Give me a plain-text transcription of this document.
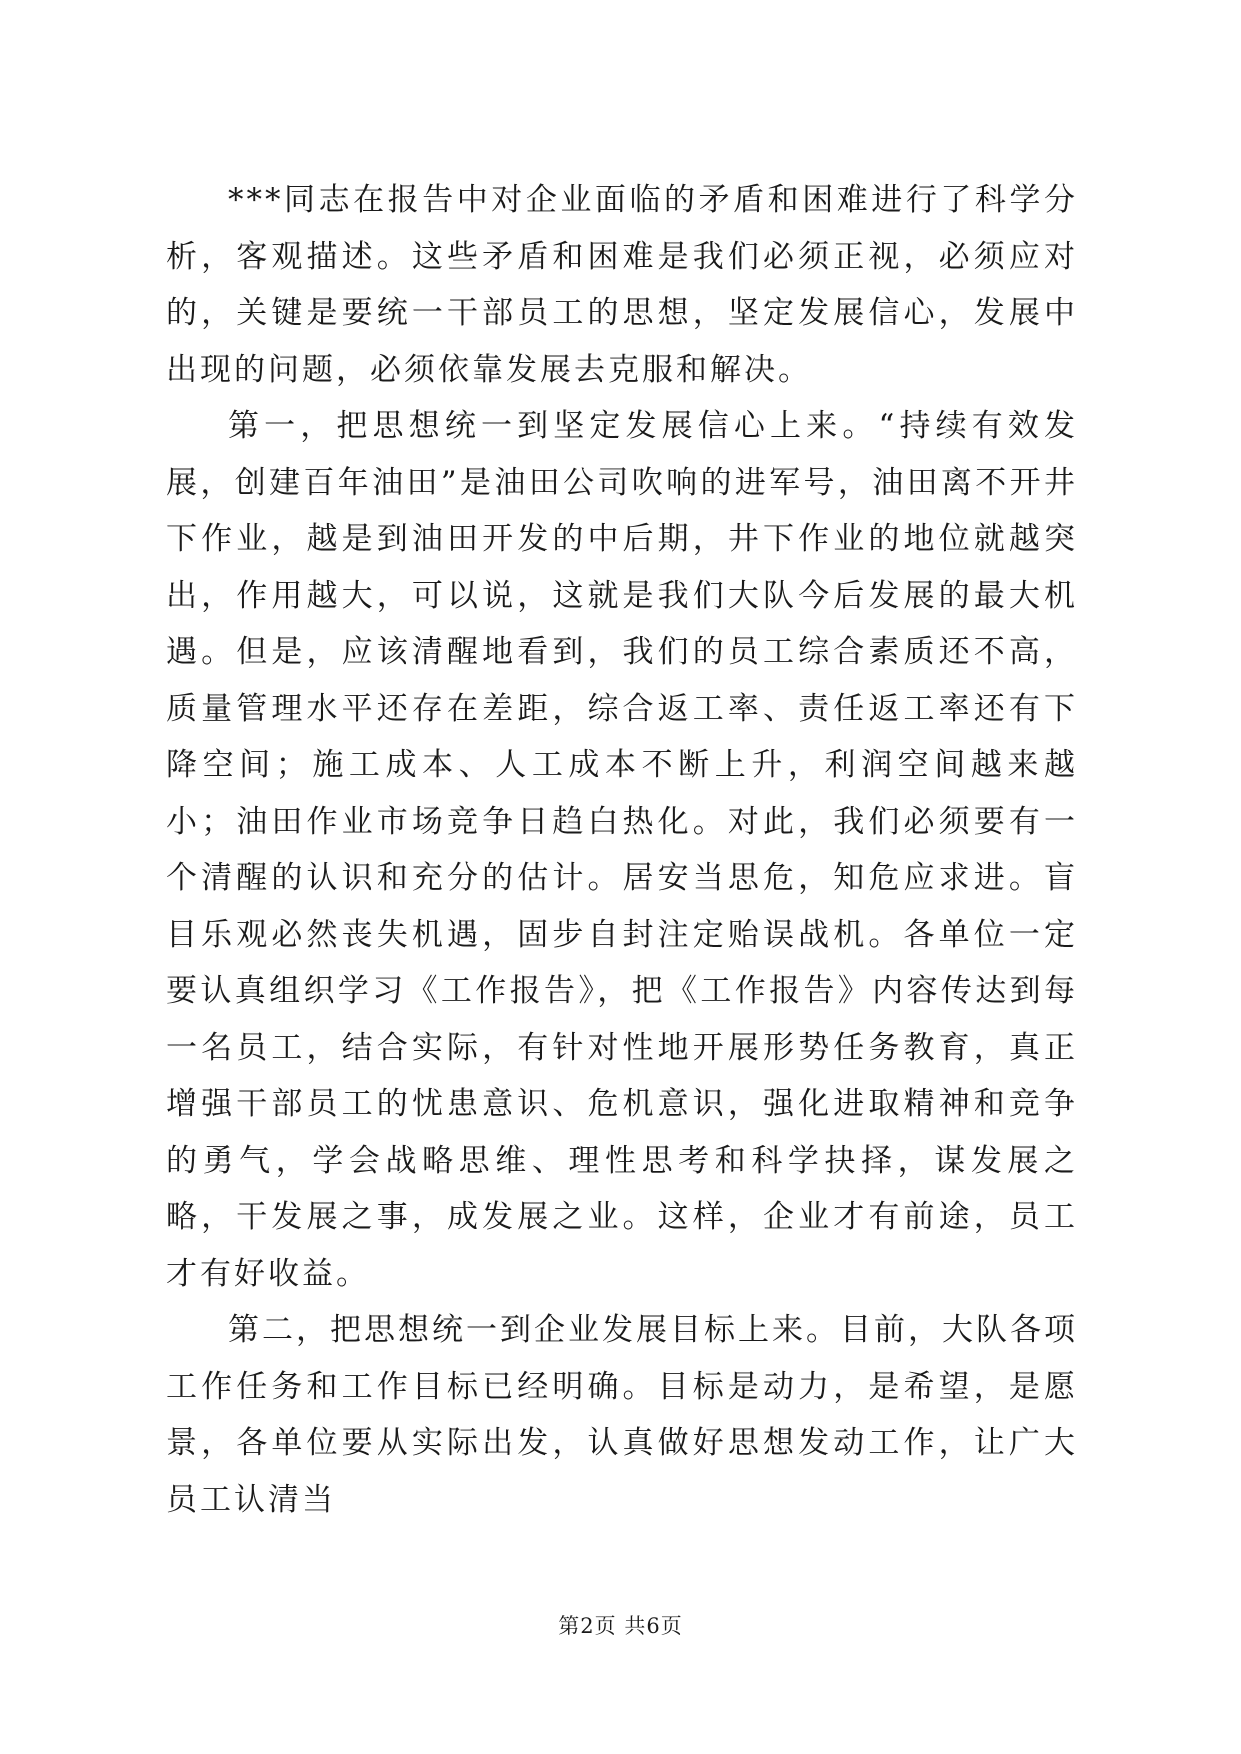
***同志在报告中对企业面临的矛盾和困难进行了科学分析，客观描述。这些矛盾和困难是我们必须正视，必须应对的，关键是要统一干部员工的思想，坚定发展信心，发展中出现的问题，必须依靠发展去克服和解决。

第一，把思想统一到坚定发展信心上来。“持续有效发展，创建百年油田”是油田公司吹响的进军号，油田离不开井下作业，越是到油田开发的中后期，井下作业的地位就越突出，作用越大，可以说，这就是我们大队今后发展的最大机遇。但是，应该清醒地看到，我们的员工综合素质还不高，质量管理水平还存在差距，综合返工率、责任返工率还有下降空间；施工成本、人工成本不断上升，利润空间越来越小；油田作业市场竞争日趋白热化。对此，我们必须要有一个清醒的认识和充分的估计。居安当思危，知危应求进。盲目乐观必然丧失机遇，固步自封注定贻误战机。各单位一定要认真组织学习《工作报告》，把《工作报告》内容传达到每一名员工，结合实际，有针对性地开展形势任务教育，真正增强干部员工的忧患意识、危机意识，强化进取精神和竞争的勇气，学会战略思维、理性思考和科学抉择，谋发展之略，干发展之事，成发展之业。这样，企业才有前途，员工才有好收益。

第二，把思想统一到企业发展目标上来。目前，大队各项工作任务和工作目标已经明确。目标是动力，是希望，是愿景，各单位要从实际出发，认真做好思想发动工作，让广大员工认清当

第2页 共6页
